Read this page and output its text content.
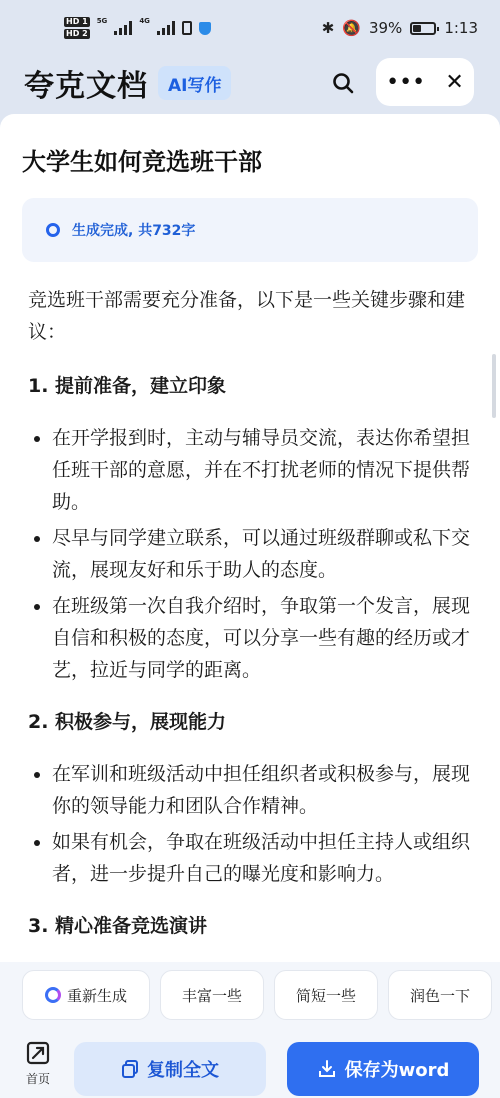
HD 1
HD 2
5G	4G	✱ 🔕 39%	1:13
夸克文档	AI写作	••• ✕
大学生如何竞选班干部
生成完成, 共732字

竞选班干部需要充分准备，以下是一些关键步骤和建议：

1. 提前准备，建立印象
在开学报到时，主动与辅导员交流，表达你希望担任班干部的意愿，并在不打扰老师的情况下提供帮助。
尽早与同学建立联系，可以通过班级群聊或私下交流，展现友好和乐于助人的态度。
在班级第一次自我介绍时，争取第一个发言，展现自信和积极的态度，可以分享一些有趣的经历或才艺，拉近与同学的距离。
2. 积极参与，展现能力
在军训和班级活动中担任组织者或积极参与，展现你的领导能力和团队合作精神。
如果有机会，争取在班级活动中担任主持人或组织者，进一步提升自己的曝光度和影响力。
3. 精心准备竞选演讲
重新生成	丰富一些	简短一些	润色一下
首页	复制全文	保存为word
